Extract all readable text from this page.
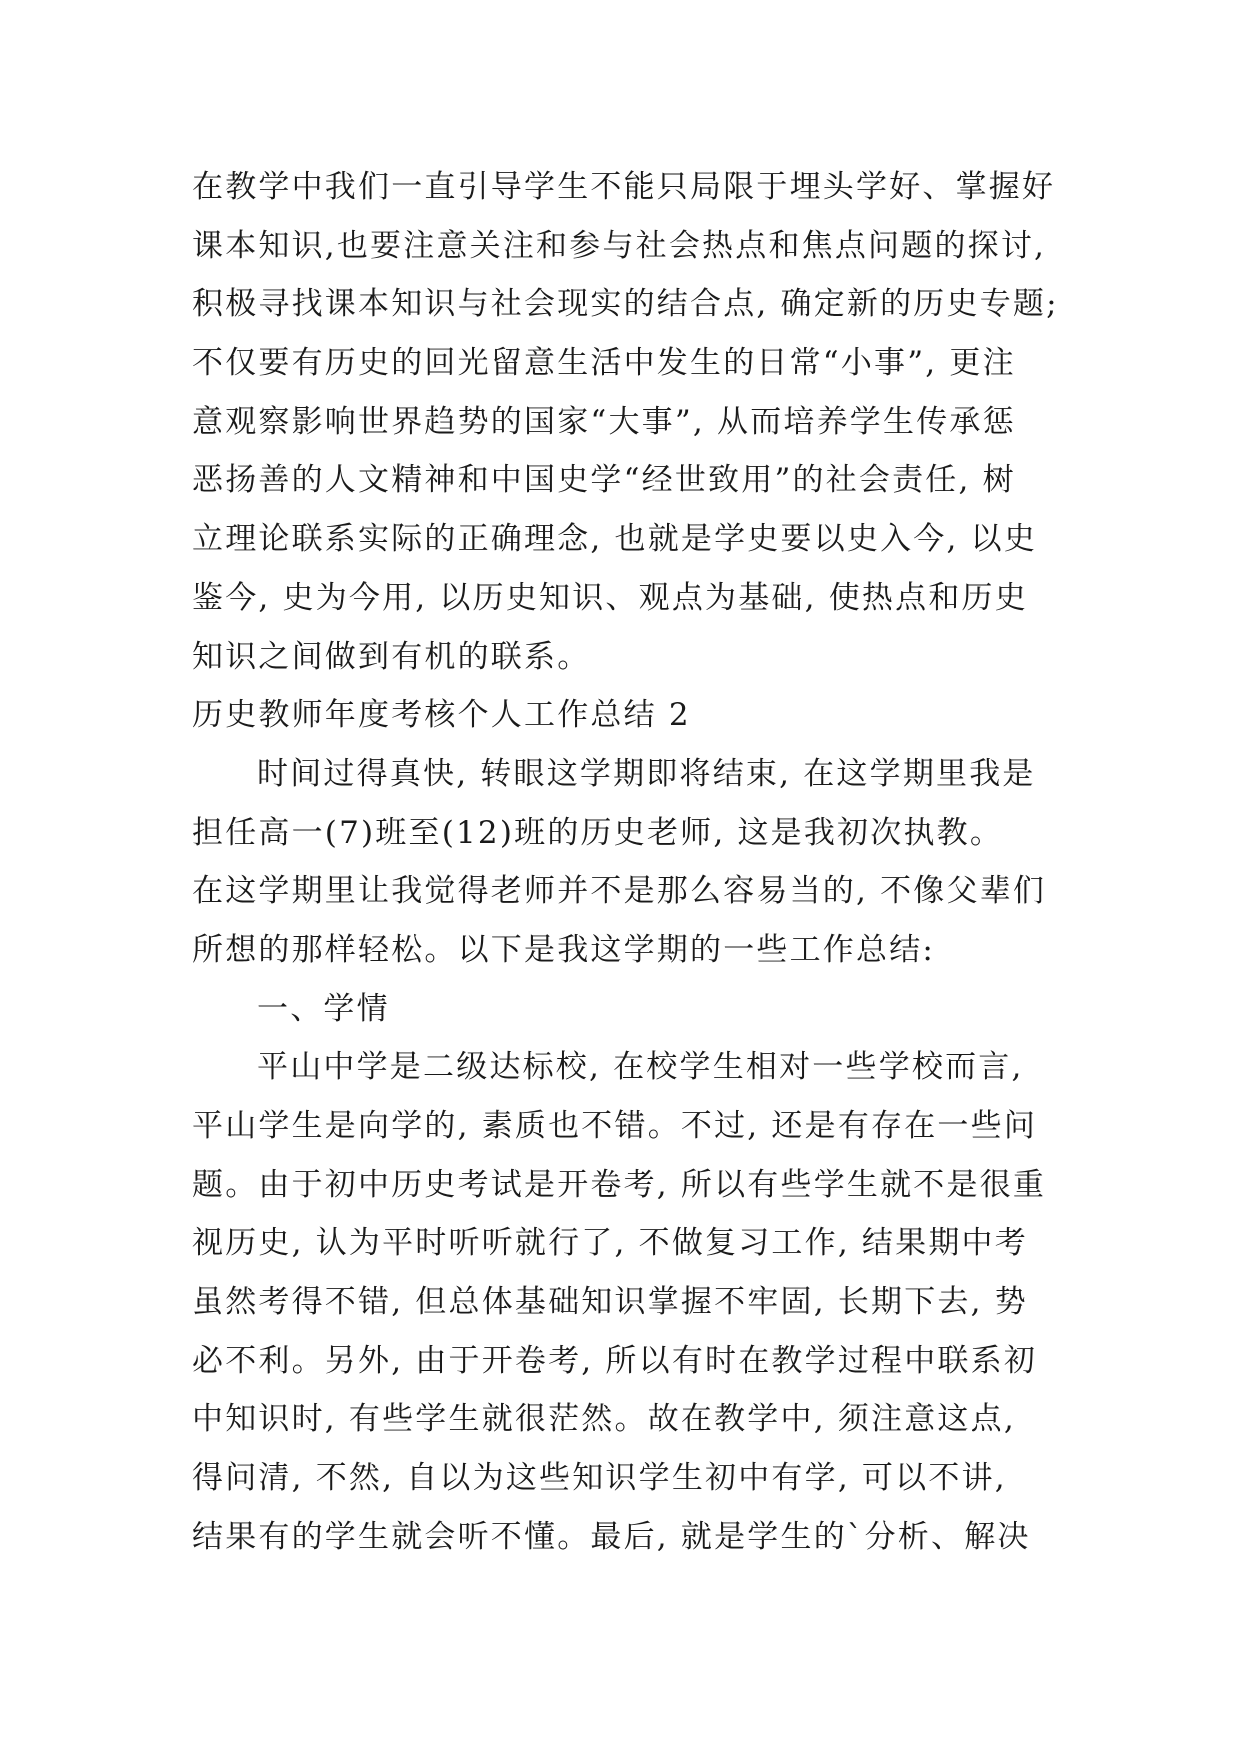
在教学中我们一直引导学生不能只局限于埋头学好、掌握好
课本知识,也要注意关注和参与社会热点和焦点问题的探讨,
积极寻找课本知识与社会现实的结合点, 确定新的历史专题;
不仅要有历史的回光留意生活中发生的日常“小事”, 更注
意观察影响世界趋势的国家“大事”, 从而培养学生传承惩
恶扬善的人文精神和中国史学“经世致用”的社会责任, 树
立理论联系实际的正确理念, 也就是学史要以史入今, 以史
鉴今, 史为今用, 以历史知识、观点为基础, 使热点和历史
知识之间做到有机的联系。
历史教师年度考核个人工作总结 2
时间过得真快, 转眼这学期即将结束, 在这学期里我是
担任高一(7)班至(12)班的历史老师, 这是我初次执教。
在这学期里让我觉得老师并不是那么容易当的, 不像父辈们
所想的那样轻松。以下是我这学期的一些工作总结:
一、学情
平山中学是二级达标校, 在校学生相对一些学校而言,
平山学生是向学的, 素质也不错。不过, 还是有存在一些问
题。由于初中历史考试是开卷考, 所以有些学生就不是很重
视历史, 认为平时听听就行了, 不做复习工作, 结果期中考
虽然考得不错, 但总体基础知识掌握不牢固, 长期下去, 势
必不利。另外, 由于开卷考, 所以有时在教学过程中联系初
中知识时, 有些学生就很茫然。故在教学中, 须注意这点,
得问清, 不然, 自以为这些知识学生初中有学, 可以不讲,
结果有的学生就会听不懂。最后, 就是学生的`分析、解决
